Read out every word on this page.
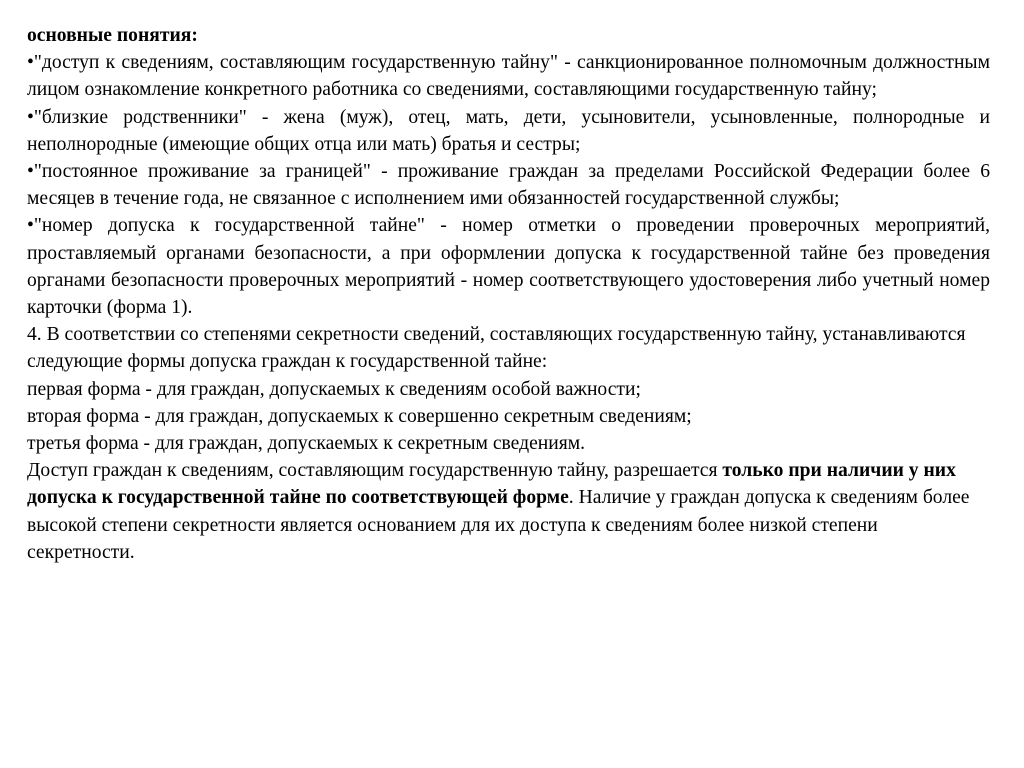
основные понятия:

•"доступ к сведениям, составляющим государственную тайну" - санкционированное полномочным должностным лицом ознакомление конкретного работника со сведениями, составляющими государственную тайну;

•"близкие родственники" - жена (муж), отец, мать, дети, усыновители, усыновленные, полнородные и неполнородные (имеющие общих отца или мать) братья и сестры;

•"постоянное проживание за границей" - проживание граждан за пределами Российской Федерации более 6 месяцев в течение года, не связанное с исполнением ими обязанностей государственной службы;

•"номер допуска к государственной тайне" - номер отметки о проведении проверочных мероприятий, проставляемый органами безопасности, а при оформлении допуска к государственной тайне без проведения органами безопасности проверочных мероприятий - номер соответствующего удостоверения либо учетный номер карточки (форма 1).

4. В соответствии со степенями секретности сведений, составляющих государственную тайну, устанавливаются следующие формы допуска граждан к государственной тайне:

первая форма - для граждан, допускаемых к сведениям особой важности;

вторая форма - для граждан, допускаемых к совершенно секретным сведениям;

третья форма - для граждан, допускаемых к секретным сведениям.

Доступ граждан к сведениям, составляющим государственную тайну, разрешается только при наличии у них допуска к государственной тайне по соответствующей форме. Наличие у граждан допуска к сведениям более высокой степени секретности является основанием для их доступа к сведениям более низкой степени секретности.
